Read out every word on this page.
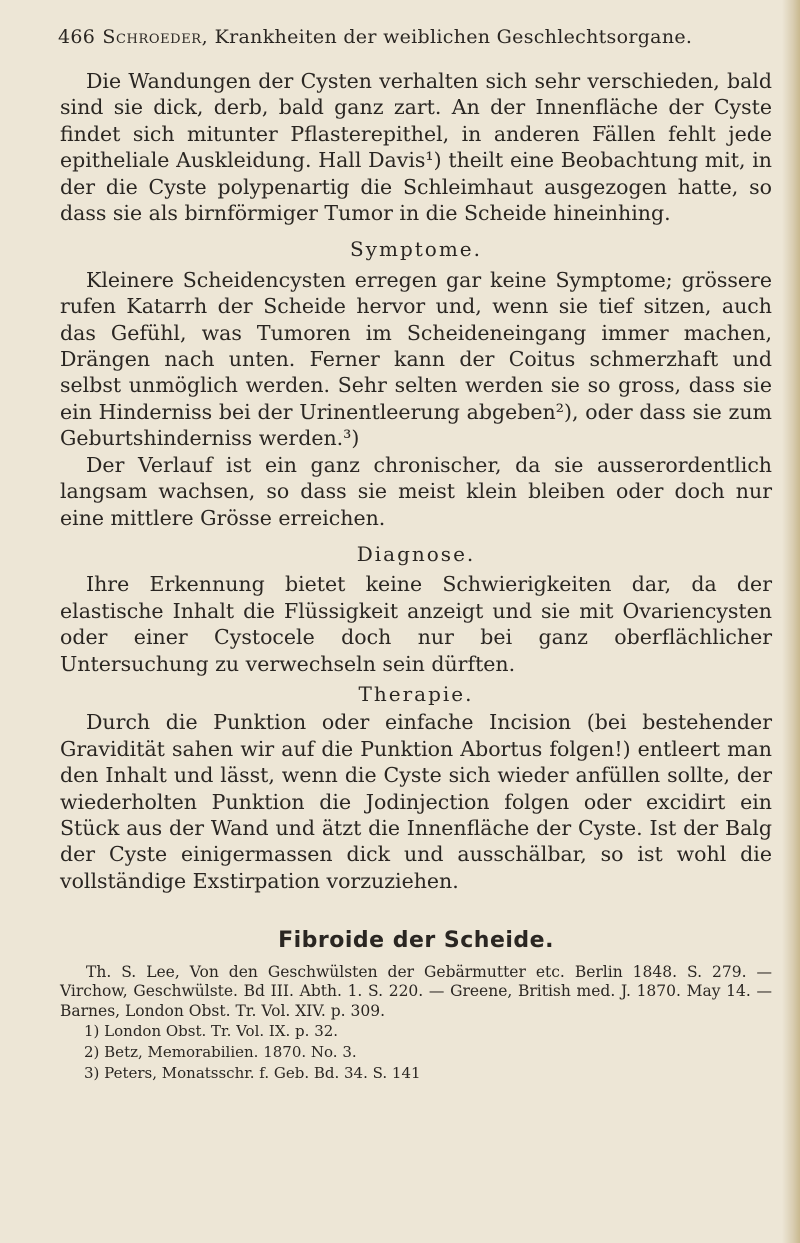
466 Schroeder, Krankheiten der weiblichen Geschlechtsorgane.

Die Wandungen der Cysten verhalten sich sehr verschieden, bald sind sie dick, derb, bald ganz zart. An der Innenfläche der Cyste findet sich mitunter Pflasterepithel, in anderen Fällen fehlt jede epitheliale Auskleidung. Hall Davis¹) theilt eine Beobachtung mit, in der die Cyste polypenartig die Schleimhaut ausgezogen hatte, so dass sie als birnförmiger Tumor in die Scheide hineinhing.

Symptome.

Kleinere Scheidencysten erregen gar keine Symptome; grössere rufen Katarrh der Scheide hervor und, wenn sie tief sitzen, auch das Gefühl, was Tumoren im Scheideneingang immer machen, Drängen nach unten. Ferner kann der Coitus schmerzhaft und selbst unmöglich werden. Sehr selten werden sie so gross, dass sie ein Hinderniss bei der Urinentleerung abgeben²), oder dass sie zum Geburtshinderniss werden.³)

Der Verlauf ist ein ganz chronischer, da sie ausserordentlich langsam wachsen, so dass sie meist klein bleiben oder doch nur eine mittlere Grösse erreichen.

Diagnose.

Ihre Erkennung bietet keine Schwierigkeiten dar, da der elastische Inhalt die Flüssigkeit anzeigt und sie mit Ovariencysten oder einer Cystocele doch nur bei ganz oberflächlicher Untersuchung zu verwechseln sein dürften.

Therapie.

Durch die Punktion oder einfache Incision (bei bestehender Gravidität sahen wir auf die Punktion Abortus folgen!) entleert man den Inhalt und lässt, wenn die Cyste sich wieder anfüllen sollte, der wiederholten Punktion die Jodinjection folgen oder excidirt ein Stück aus der Wand und ätzt die Innenfläche der Cyste. Ist der Balg der Cyste einigermassen dick und ausschälbar, so ist wohl die vollständige Exstirpation vorzuziehen.

Fibroide der Scheide.

Th. S. Lee, Von den Geschwülsten der Gebärmutter etc. Berlin 1848. S. 279. — Virchow, Geschwülste. Bd III. Abth. 1. S. 220. — Greene, British med. J. 1870. May 14. — Barnes, London Obst. Tr. Vol. XIV. p. 309.

1) London Obst. Tr. Vol. IX. p. 32.
2) Betz, Memorabilien. 1870. No. 3.
3) Peters, Monatsschr. f. Geb. Bd. 34. S. 141
